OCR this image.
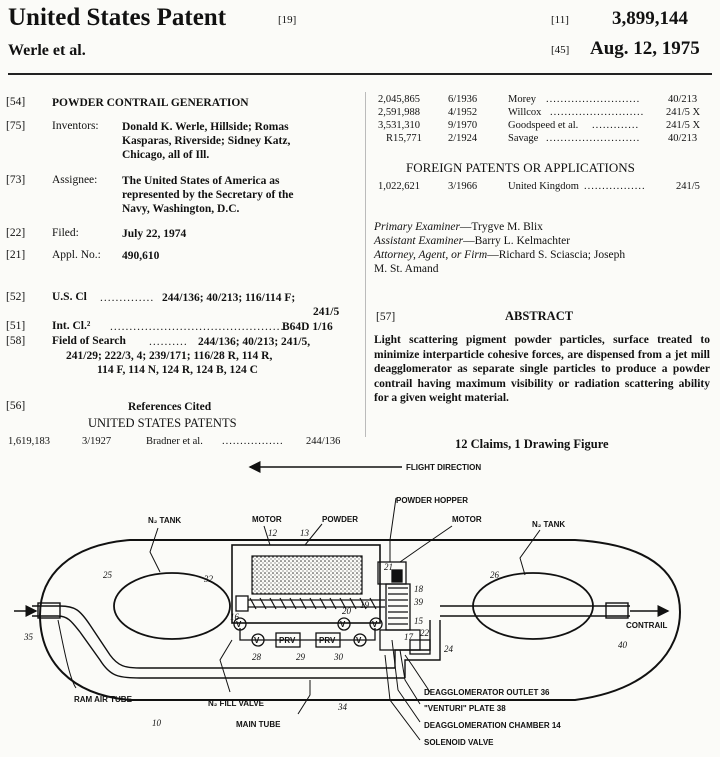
United States Patent	[19]
Werle et al.
[11] 3,899,144
[45] Aug. 12, 1975
[54]	POWDER CONTRAIL GENERATION
[75]	Inventors: Donald K. Werle, Hillside; Romas
Kasparas, Riverside; Sidney Katz,
Chicago, all of Ill.
[73]	Assignee: The United States of America as
represented by the Secretary of the
Navy, Washington, D.C.
[22]	Filed:	July 22, 1974
[21]	Appl. No.: 490,610
[52]	U.S. Cl .............. 244/136; 40/213; 116/114 F;
241/5
[51]	Int. Cl.² ..............................................
B64D 1/16
[58]	Field of Search .......... 244/136; 40/213; 241/5,
241/29; 222/3, 4; 239/171; 116/28 R, 114 R,
114 F, 114 N, 124 R, 124 B, 124 C
[56]	References Cited
UNITED STATES PATENTS
1,619,183	3/1927	Bradner et al. ................. 244/136
2,045,865	6/1936	Morey ..........................	40/213
2,591,988	4/1952	Willcox .......................... 241/5 X
3,531,310	9/1970	Goodspeed et al. .............	241/5 X
R15,771 2/1924	Savage ..........................	40/213
FOREIGN PATENTS OR APPLICATIONS
1,022,621	3/1966	United Kingdom .................	241/5
Primary Examiner—Trygve M. Blix
Assistant Examiner—Barry L. Kelmachter
Attorney, Agent, or Firm—Richard S. Sciascia; Joseph
M. St. Amand
[57]	ABSTRACT
Light scattering pigment powder particles, surface treated to minimize interparticle cohesive forces, are dispensed from a jet mill deagglomerator as separate single particles to produce a powder contrail having maximum visibility or radiation scattering ability for a given weight material.
12 Claims, 1 Drawing Figure
FLIGHT DIRECTION
V
V PRV	PRV
V
V
V
POWDER HOPPER
MOTOR	POWDER	MOTOR
N₂ TANK	N₂ TANK
CONTRAIL
RAM AIR TUBE	N₂ FILL VALVE
MAIN TUBE
DEAGGLOMERATOR OUTLET 36
"VENTURI" PLATE 38
DEAGGLOMERATION CHAMBER 14
SOLENOID VALVE
12	13
25	26
32
16
35
40
10
34
28	29	30
20
21
18
39
15
22
24
19
17
